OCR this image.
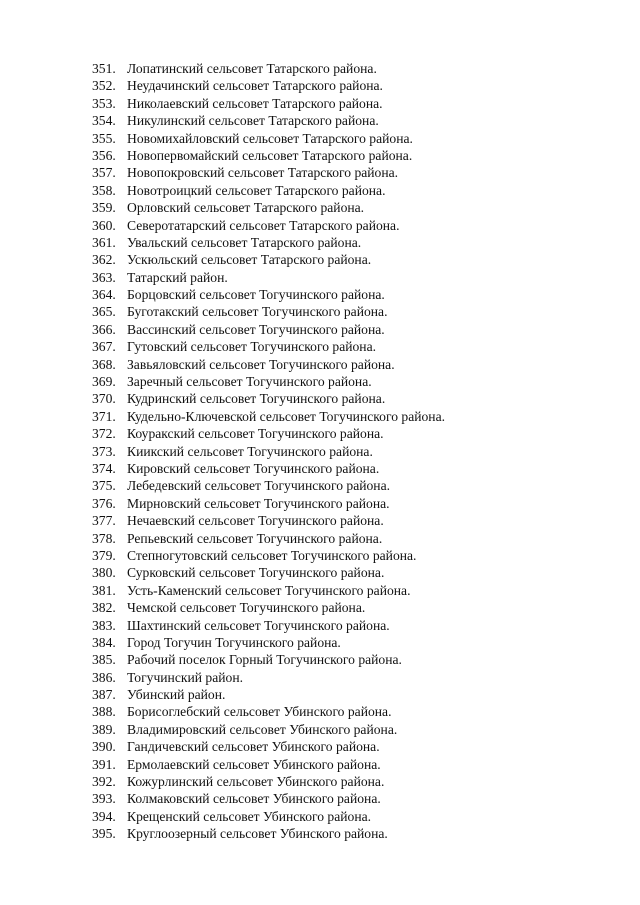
351. Лопатинский сельсовет Татарского района.
352. Неудачинский сельсовет Татарского района.
353. Николаевский сельсовет Татарского района.
354. Никулинский сельсовет Татарского района.
355. Новомихайловский сельсовет Татарского района.
356. Новопервомайский сельсовет Татарского района.
357. Новопокровский сельсовет Татарского района.
358. Новотроицкий сельсовет Татарского района.
359. Орловский сельсовет Татарского района.
360. Северотатарский сельсовет Татарского района.
361. Увальский сельсовет Татарского района.
362. Ускюльский сельсовет Татарского района.
363. Татарский район.
364. Борцовский сельсовет Тогучинского района.
365. Буготакский сельсовет Тогучинского района.
366. Вассинский сельсовет Тогучинского района.
367. Гутовский сельсовет Тогучинского района.
368. Завьяловский сельсовет Тогучинского района.
369. Заречный сельсовет Тогучинского района.
370. Кудринский сельсовет Тогучинского района.
371. Кудельно-Ключевской сельсовет Тогучинского района.
372. Коуракский сельсовет Тогучинского района.
373. Киикский сельсовет Тогучинского района.
374. Кировский сельсовет Тогучинского района.
375. Лебедевский сельсовет Тогучинского района.
376. Мирновский сельсовет Тогучинского района.
377. Нечаевский сельсовет Тогучинского района.
378. Репьевский сельсовет Тогучинского района.
379. Степногутовский сельсовет Тогучинского района.
380. Сурковский сельсовет Тогучинского района.
381. Усть-Каменский сельсовет Тогучинского района.
382. Чемской сельсовет Тогучинского района.
383. Шахтинский сельсовет Тогучинского района.
384. Город Тогучин Тогучинского района.
385. Рабочий поселок Горный Тогучинского района.
386. Тогучинский район.
387. Убинский район.
388. Борисоглебский сельсовет Убинского района.
389. Владимировский сельсовет Убинского района.
390. Гандичевский сельсовет Убинского района.
391. Ермолаевский сельсовет Убинского района.
392. Кожурлинский сельсовет Убинского района.
393. Колмаковский сельсовет Убинского района.
394. Крещенский сельсовет Убинского района.
395. Круглоозерный сельсовет Убинского района.
